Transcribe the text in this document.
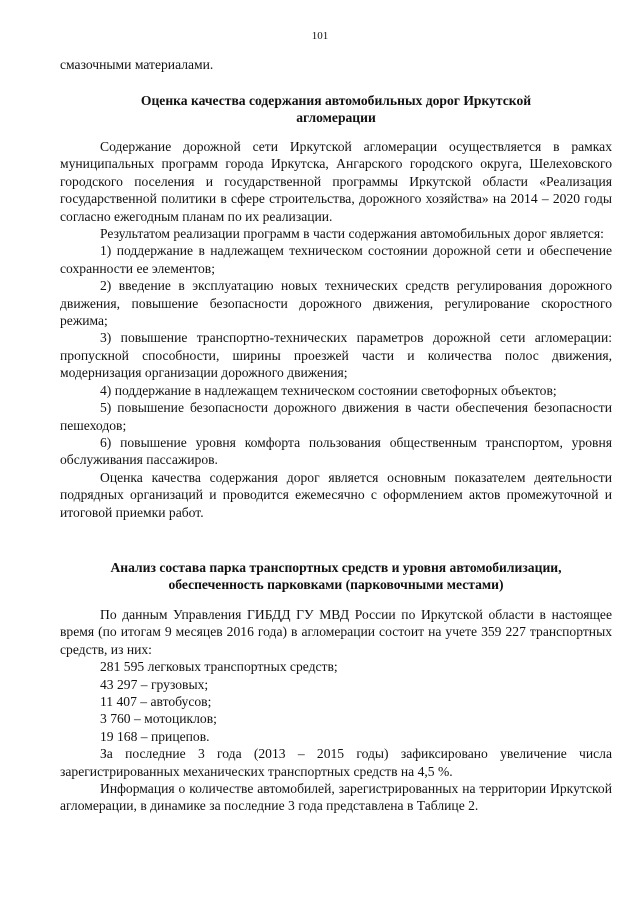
101
смазочными материалами.
Оценка качества содержания автомобильных дорог Иркутской
агломерации

Содержание дорожной сети Иркутской агломерации осуществляется в рамках муниципальных программ города Иркутска, Ангарского городского округа, Шелеховского городского поселения и государственной программы Иркутской области «Реализация государственной политики в сфере строительства, дорожного хозяйства» на 2014 – 2020 годы согласно ежегодным планам по их реализации.

Результатом реализации программ в части содержания автомобильных дорог является:

1) поддержание в надлежащем техническом состоянии дорожной сети и обеспечение сохранности ее элементов;

2) введение в эксплуатацию новых технических средств регулирования дорожного движения, повышение безопасности дорожного движения, регулирование скоростного режима;

3) повышение транспортно-технических параметров дорожной сети агломерации: пропускной способности, ширины проезжей части и количества полос движения, модернизация организации дорожного движения;

4) поддержание в надлежащем техническом состоянии светофорных объектов;

5) повышение безопасности дорожного движения в части обеспечения безопасности пешеходов;

6) повышение уровня комфорта пользования общественным транспортом, уровня обслуживания пассажиров.

Оценка качества содержания дорог является основным показателем деятельности подрядных организаций и проводится ежемесячно с оформлением актов промежуточной и итоговой приемки работ.

Анализ состава парка транспортных средств и уровня автомобилизации,
обеспеченность парковками (парковочными местами)

По данным Управления ГИБДД ГУ МВД России по Иркутской области в настоящее время (по итогам 9 месяцев 2016 года) в агломерации состоит на учете 359 227 транспортных средств, из них:

281 595 легковых транспортных средств;
43 297 – грузовых;
11 407 – автобусов;
3 760 – мотоциклов;
19 168 – прицепов.

За последние 3 года (2013 – 2015 годы) зафиксировано увеличение числа зарегистрированных механических транспортных средств на 4,5 %.

Информация о количестве автомобилей, зарегистрированных на территории Иркутской агломерации, в динамике за последние 3 года представлена в Таблице 2.
